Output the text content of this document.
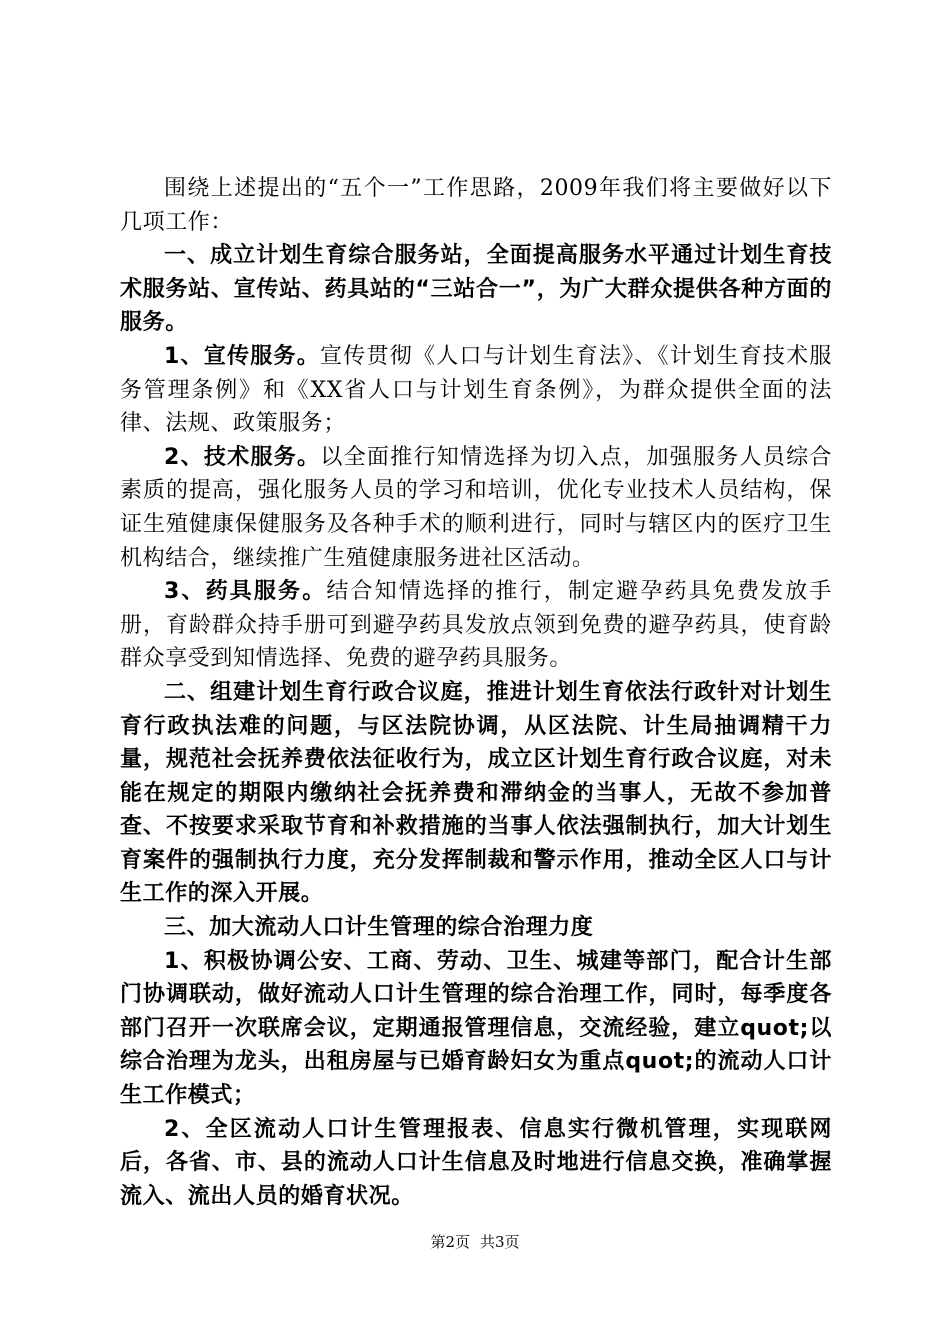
围绕上述提出的“五个一”工作思路，2009年我们将主要做好以下几项工作：

一、成立计划生育综合服务站，全面提高服务水平通过计划生育技术服务站、宣传站、药具站的“三站合一”，为广大群众提供各种方面的服务。

1、宣传服务。宣传贯彻《人口与计划生育法》、《计划生育技术服务管理条例》和《XX省人口与计划生育条例》，为群众提供全面的法律、法规、政策服务；

2、技术服务。以全面推行知情选择为切入点，加强服务人员综合素质的提高，强化服务人员的学习和培训，优化专业技术人员结构，保证生殖健康保健服务及各种手术的顺利进行，同时与辖区内的医疗卫生机构结合，继续推广生殖健康服务进社区活动。

3、药具服务。结合知情选择的推行，制定避孕药具免费发放手册，育龄群众持手册可到避孕药具发放点领到免费的避孕药具，使育龄群众享受到知情选择、免费的避孕药具服务。

二、组建计划生育行政合议庭，推进计划生育依法行政针对计划生育行政执法难的问题，与区法院协调，从区法院、计生局抽调精干力量，规范社会抚养费依法征收行为，成立区计划生育行政合议庭，对未能在规定的期限内缴纳社会抚养费和滞纳金的当事人，无故不参加普查、不按要求采取节育和补救措施的当事人依法强制执行，加大计划生育案件的强制执行力度，充分发挥制裁和警示作用，推动全区人口与计生工作的深入开展。

三、加大流动人口计生管理的综合治理力度

1、积极协调公安、工商、劳动、卫生、城建等部门，配合计生部门协调联动，做好流动人口计生管理的综合治理工作，同时，每季度各部门召开一次联席会议，定期通报管理信息，交流经验，建立quot;以综合治理为龙头，出租房屋与已婚育龄妇女为重点quot;的流动人口计生工作模式；

2、全区流动人口计生管理报表、信息实行微机管理，实现联网后，各省、市、县的流动人口计生信息及时地进行信息交换，准确掌握流入、流出人员的婚育状况。

第2页 共3页
